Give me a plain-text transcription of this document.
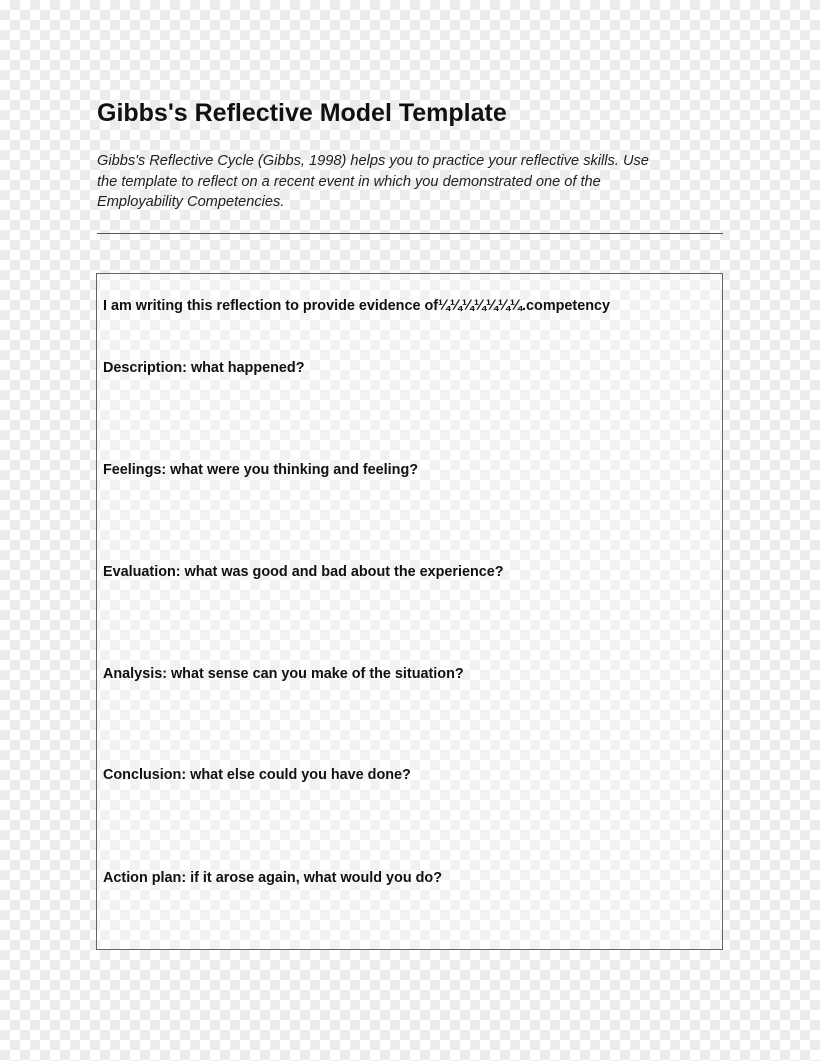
Gibbs's Reflective Model Template

Gibbs's Reflective Cycle (Gibbs, 1998) helps you to practice your reflective skills. Use
the template to reflect on a recent event in which you demonstrated one of the
Employability Competencies.

I am writing this reflection to provide evidence of¼¼¼¼¼¼¼.competency

Description: what happened?

Feelings: what were you thinking and feeling?

Evaluation: what was good and bad about the experience?

Analysis: what sense can you make of the situation?

Conclusion: what else could you have done?

Action plan: if it arose again, what would you do?
